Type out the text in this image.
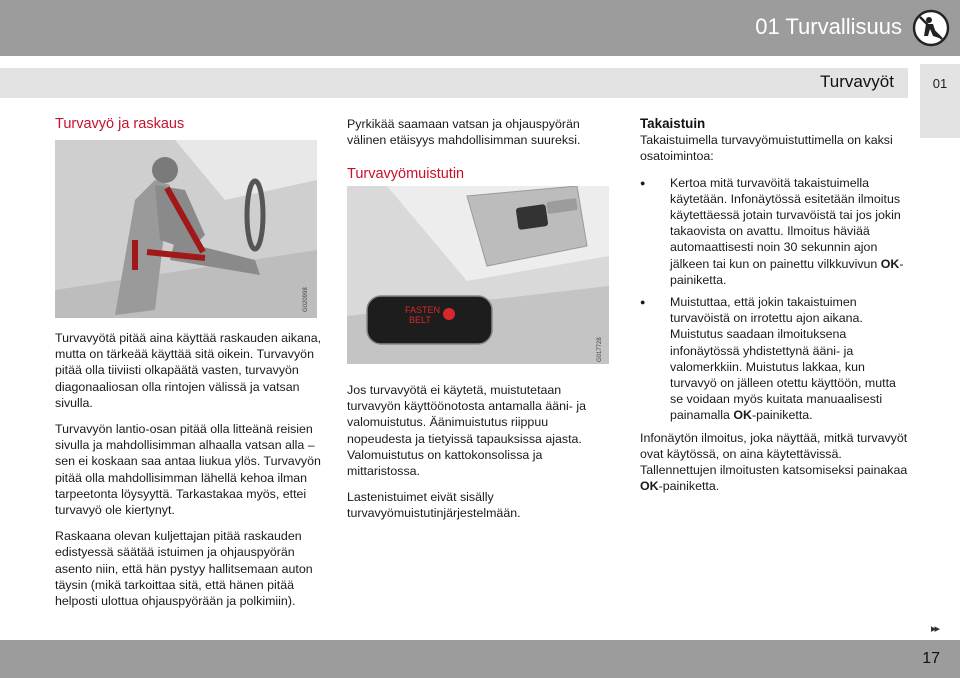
01 Turvallisuus
Turvavyöt	01
Turvavyö ja raskaus
G020998

Turvavyötä pitää aina käyttää raskauden aikana, mutta on tärkeää käyttää sitä oikein. Turvavyön pitää olla tiiviisti olkapäätä vasten, turvavyön diagonaaliosan olla rintojen välissä ja vatsan sivulla.

Turvavyön lantio-osan pitää olla litteänä reisien sivulla ja mahdollisimman alhaalla vatsan alla – sen ei koskaan saa antaa liukua ylös. Turvavyön pitää olla mahdollisimman lähellä kehoa ilman tarpeetonta löysyyttä. Tarkastakaa myös, ettei turvavyö ole kiertynyt.

Raskaana olevan kuljettajan pitää raskauden edistyessä säätää istuimen ja ohjauspyörän asento niin, että hän pystyy hallitsemaan auton täysin (mikä tarkoittaa sitä, että hänen pitää helposti ulottua ohjauspyörään ja polkimiin).

Pyrkikää saamaan vatsan ja ohjauspyörän välinen etäisyys mahdollisimman suureksi.

Turvavyömuistutin
FASTEN
BELT
G017728

Jos turvavyötä ei käytetä, muistutetaan turvavyön käyttöönotosta antamalla ääni- ja valomuistutus. Äänimuistutus riippuu nopeudesta ja tietyissä tapauksissa ajasta. Valomuistutus on kattokonsolissa ja mittaristossa.

Lastenistuimet eivät sisälly turvavyömuistutinjärjestelmään.

Takaistuin

Takaistuimella turvavyömuistuttimella on kaksi osatoimintoa:

● Kertoa mitä turvavöitä takaistuimella käytetään. Infonäytössä esitetään ilmoitus käytettäessä jotain turvavöistä tai jos jokin takaovista on avattu. Ilmoitus häviää automaattisesti noin 30 sekunnin ajon jälkeen tai kun on painettu vilkkuvivun OK-painiketta.
● Muistuttaa, että jokin takaistuimen turvavöistä on irrotettu ajon aikana. Muistutus saadaan ilmoituksena infonäytössä yhdistettynä ääni- ja valomerkkiin. Muistutus lakkaa, kun turvavyö on jälleen otettu käyttöön, mutta se voidaan myös kuitata manuaalisesti painamalla OK-painiketta.

Infonäytön ilmoitus, joka näyttää, mitkä turvavyöt ovat käytössä, on aina käytettävissä. Tallennettujen ilmoitusten katsomiseksi painakaa OK-painiketta.

▸▸
17
